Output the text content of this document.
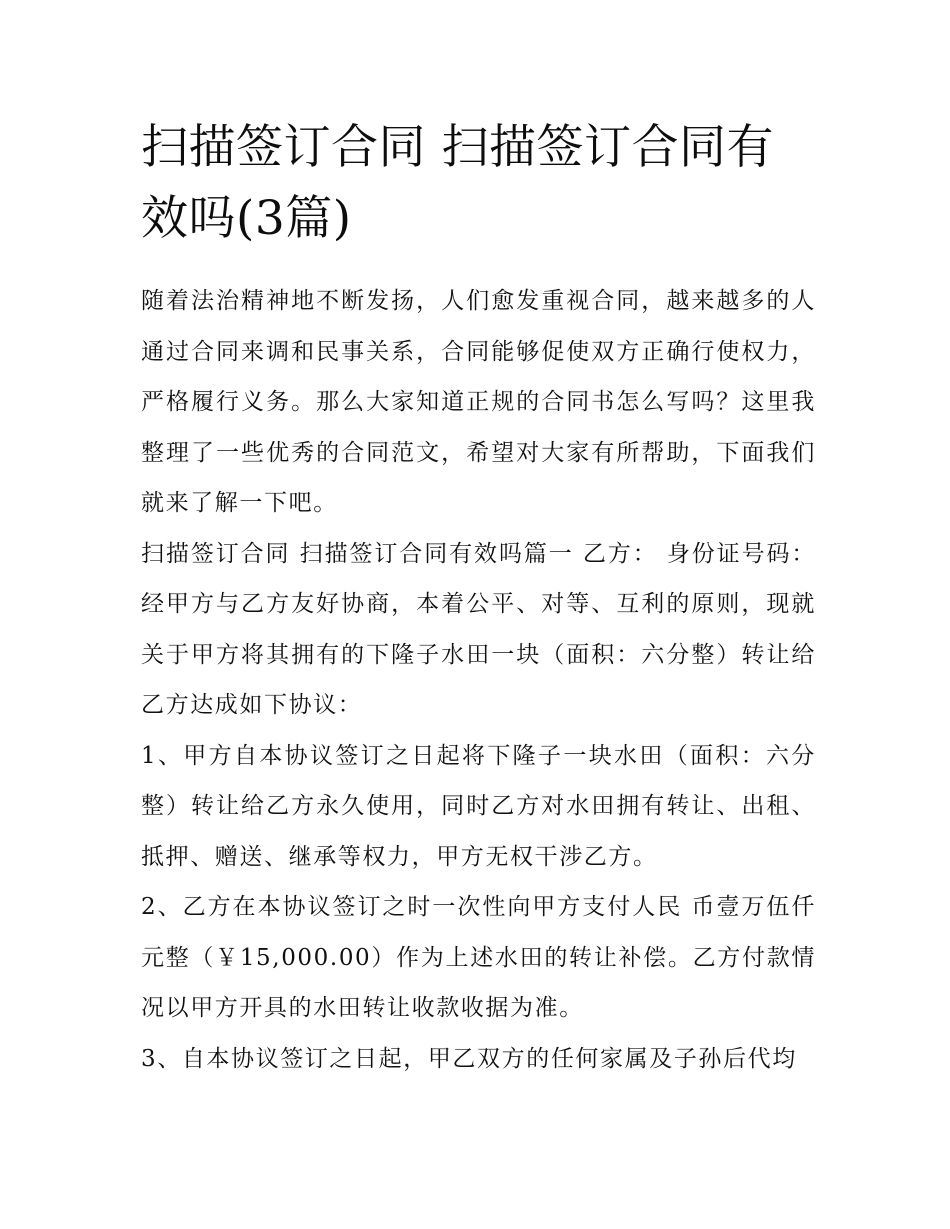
扫描签订合同 扫描签订合同有效吗(3篇)

随着法治精神地不断发扬，人们愈发重视合同，越来越多的人通过合同来调和民事关系，合同能够促使双方正确行使权力，严格履行义务。那么大家知道正规的合同书怎么写吗？这里我整理了一些优秀的合同范文，希望对大家有所帮助，下面我们就来了解一下吧。

扫描签订合同 扫描签订合同有效吗篇一 乙方： 身份证号码：经甲方与乙方友好协商，本着公平、对等、互利的原则，现就关于甲方将其拥有的下隆子水田一块（面积：六分整）转让给乙方达成如下协议：

1、甲方自本协议签订之日起将下隆子一块水田（面积：六分整）转让给乙方永久使用，同时乙方对水田拥有转让、出租、抵押、赠送、继承等权力，甲方无权干涉乙方。

2、乙方在本协议签订之时一次性向甲方支付人民 币壹万伍仟元整（￥15,000.00）作为上述水田的转让补偿。乙方付款情况以甲方开具的水田转让收款收据为准。

3、自本协议签订之日起，甲乙双方的任何家属及子孙后代均
